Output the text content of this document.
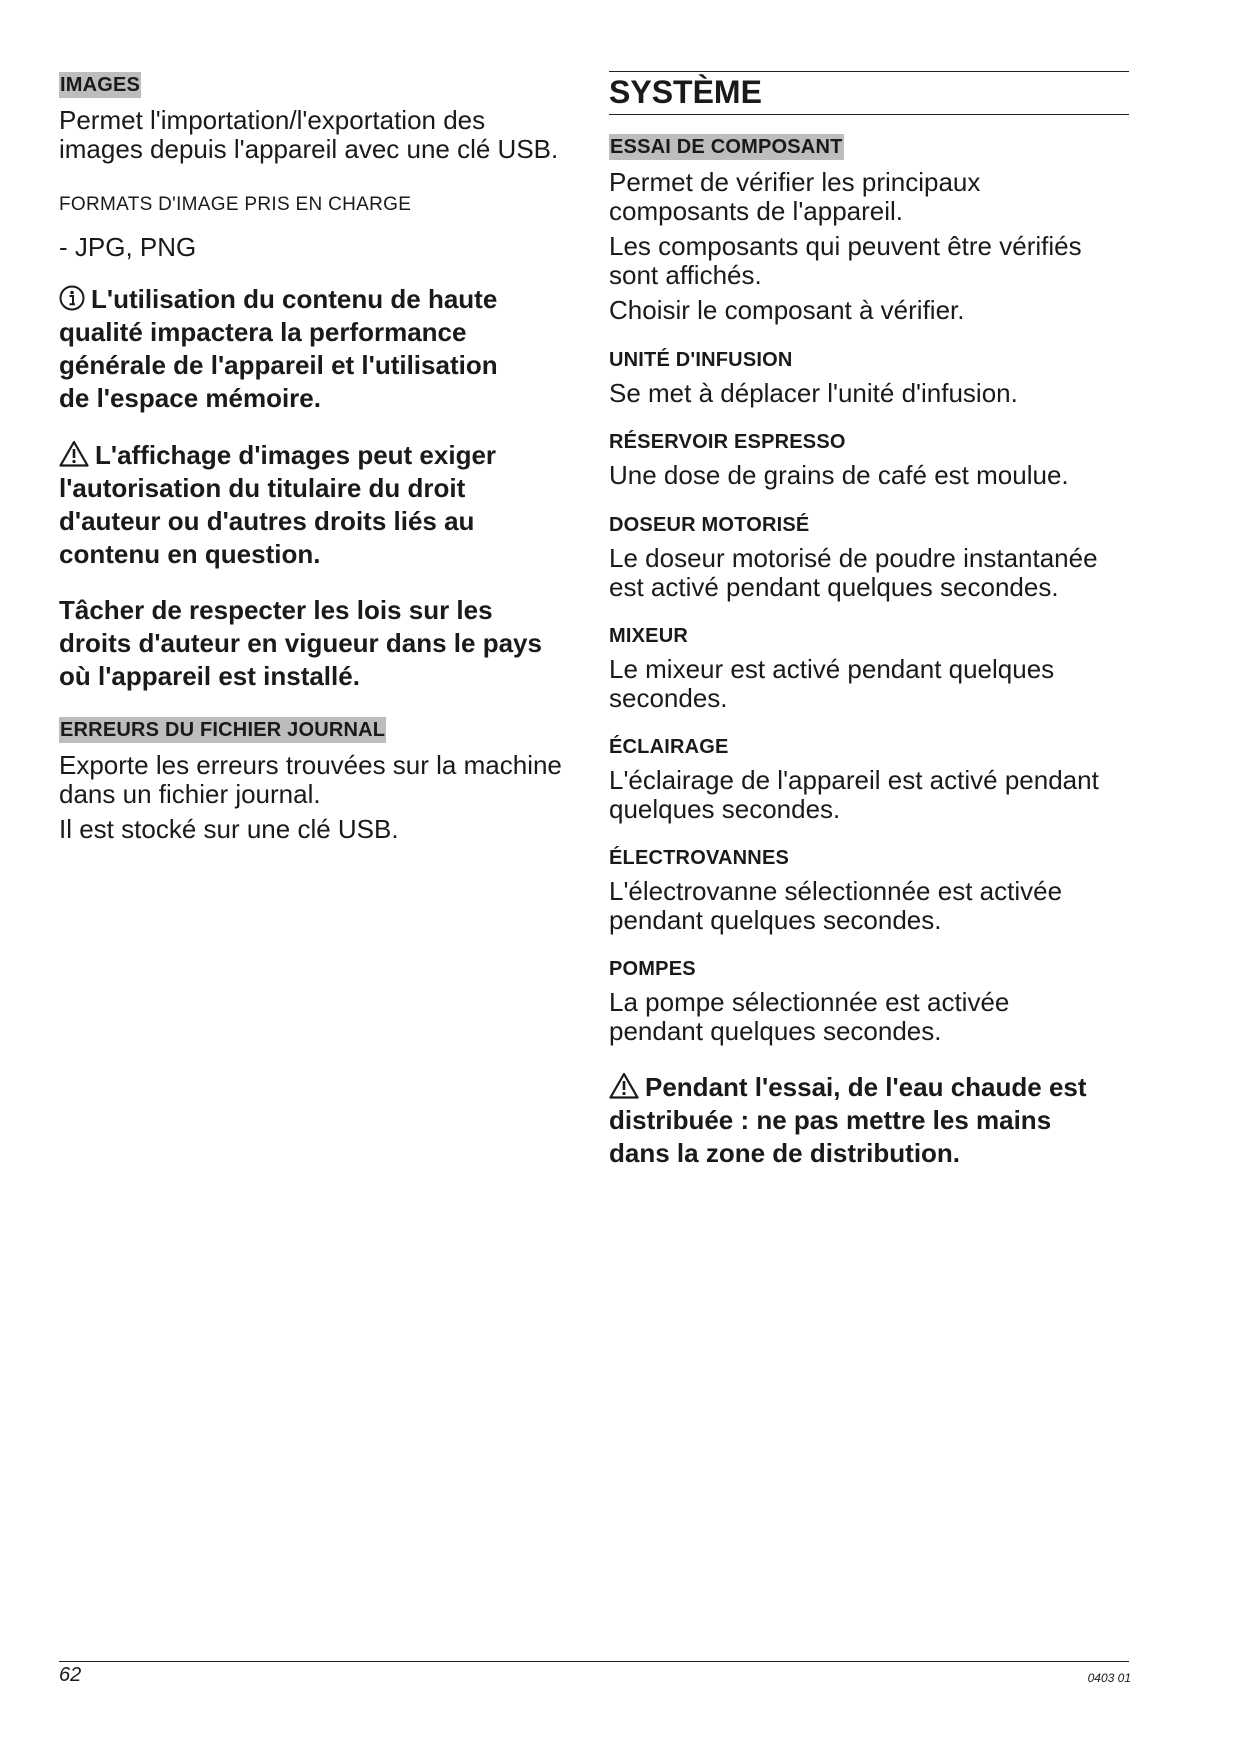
IMAGES
Permet l'importation/l'exportation des
images depuis l'appareil avec une clé USB.
FORMATS D'IMAGE PRIS EN CHARGE
- JPG, PNG
L'utilisation du contenu de haute
qualité impactera la performance
générale de l'appareil et l'utilisation
de l'espace mémoire.
L'affichage d'images peut exiger
l'autorisation du titulaire du droit
d'auteur ou d'autres droits liés au
contenu en question.
Tâcher de respecter les lois sur les
droits d'auteur en vigueur dans le pays
où l'appareil est installé.
ERREURS DU FICHIER JOURNAL
Exporte les erreurs trouvées sur la machine
dans un fichier journal.
Il est stocké sur une clé USB.
SYSTÈME
ESSAI DE COMPOSANT
Permet de vérifier les principaux
composants de l'appareil.
Les composants qui peuvent être vérifiés
sont affichés.
Choisir le composant à vérifier.
UNITÉ D'INFUSION
Se met à déplacer l'unité d'infusion.
RÉSERVOIR ESPRESSO
Une dose de grains de café est moulue.
DOSEUR MOTORISÉ
Le doseur motorisé de poudre instantanée
est activé pendant quelques secondes.
MIXEUR
Le mixeur est activé pendant quelques
secondes.
ÉCLAIRAGE
L'éclairage de l'appareil est activé pendant
quelques secondes.
ÉLECTROVANNES
L'électrovanne sélectionnée est activée
pendant quelques secondes.
POMPES
La pompe sélectionnée est activée
pendant quelques secondes.
Pendant l'essai, de l'eau chaude est
distribuée : ne pas mettre les mains
dans la zone de distribution.
62	0403 01
